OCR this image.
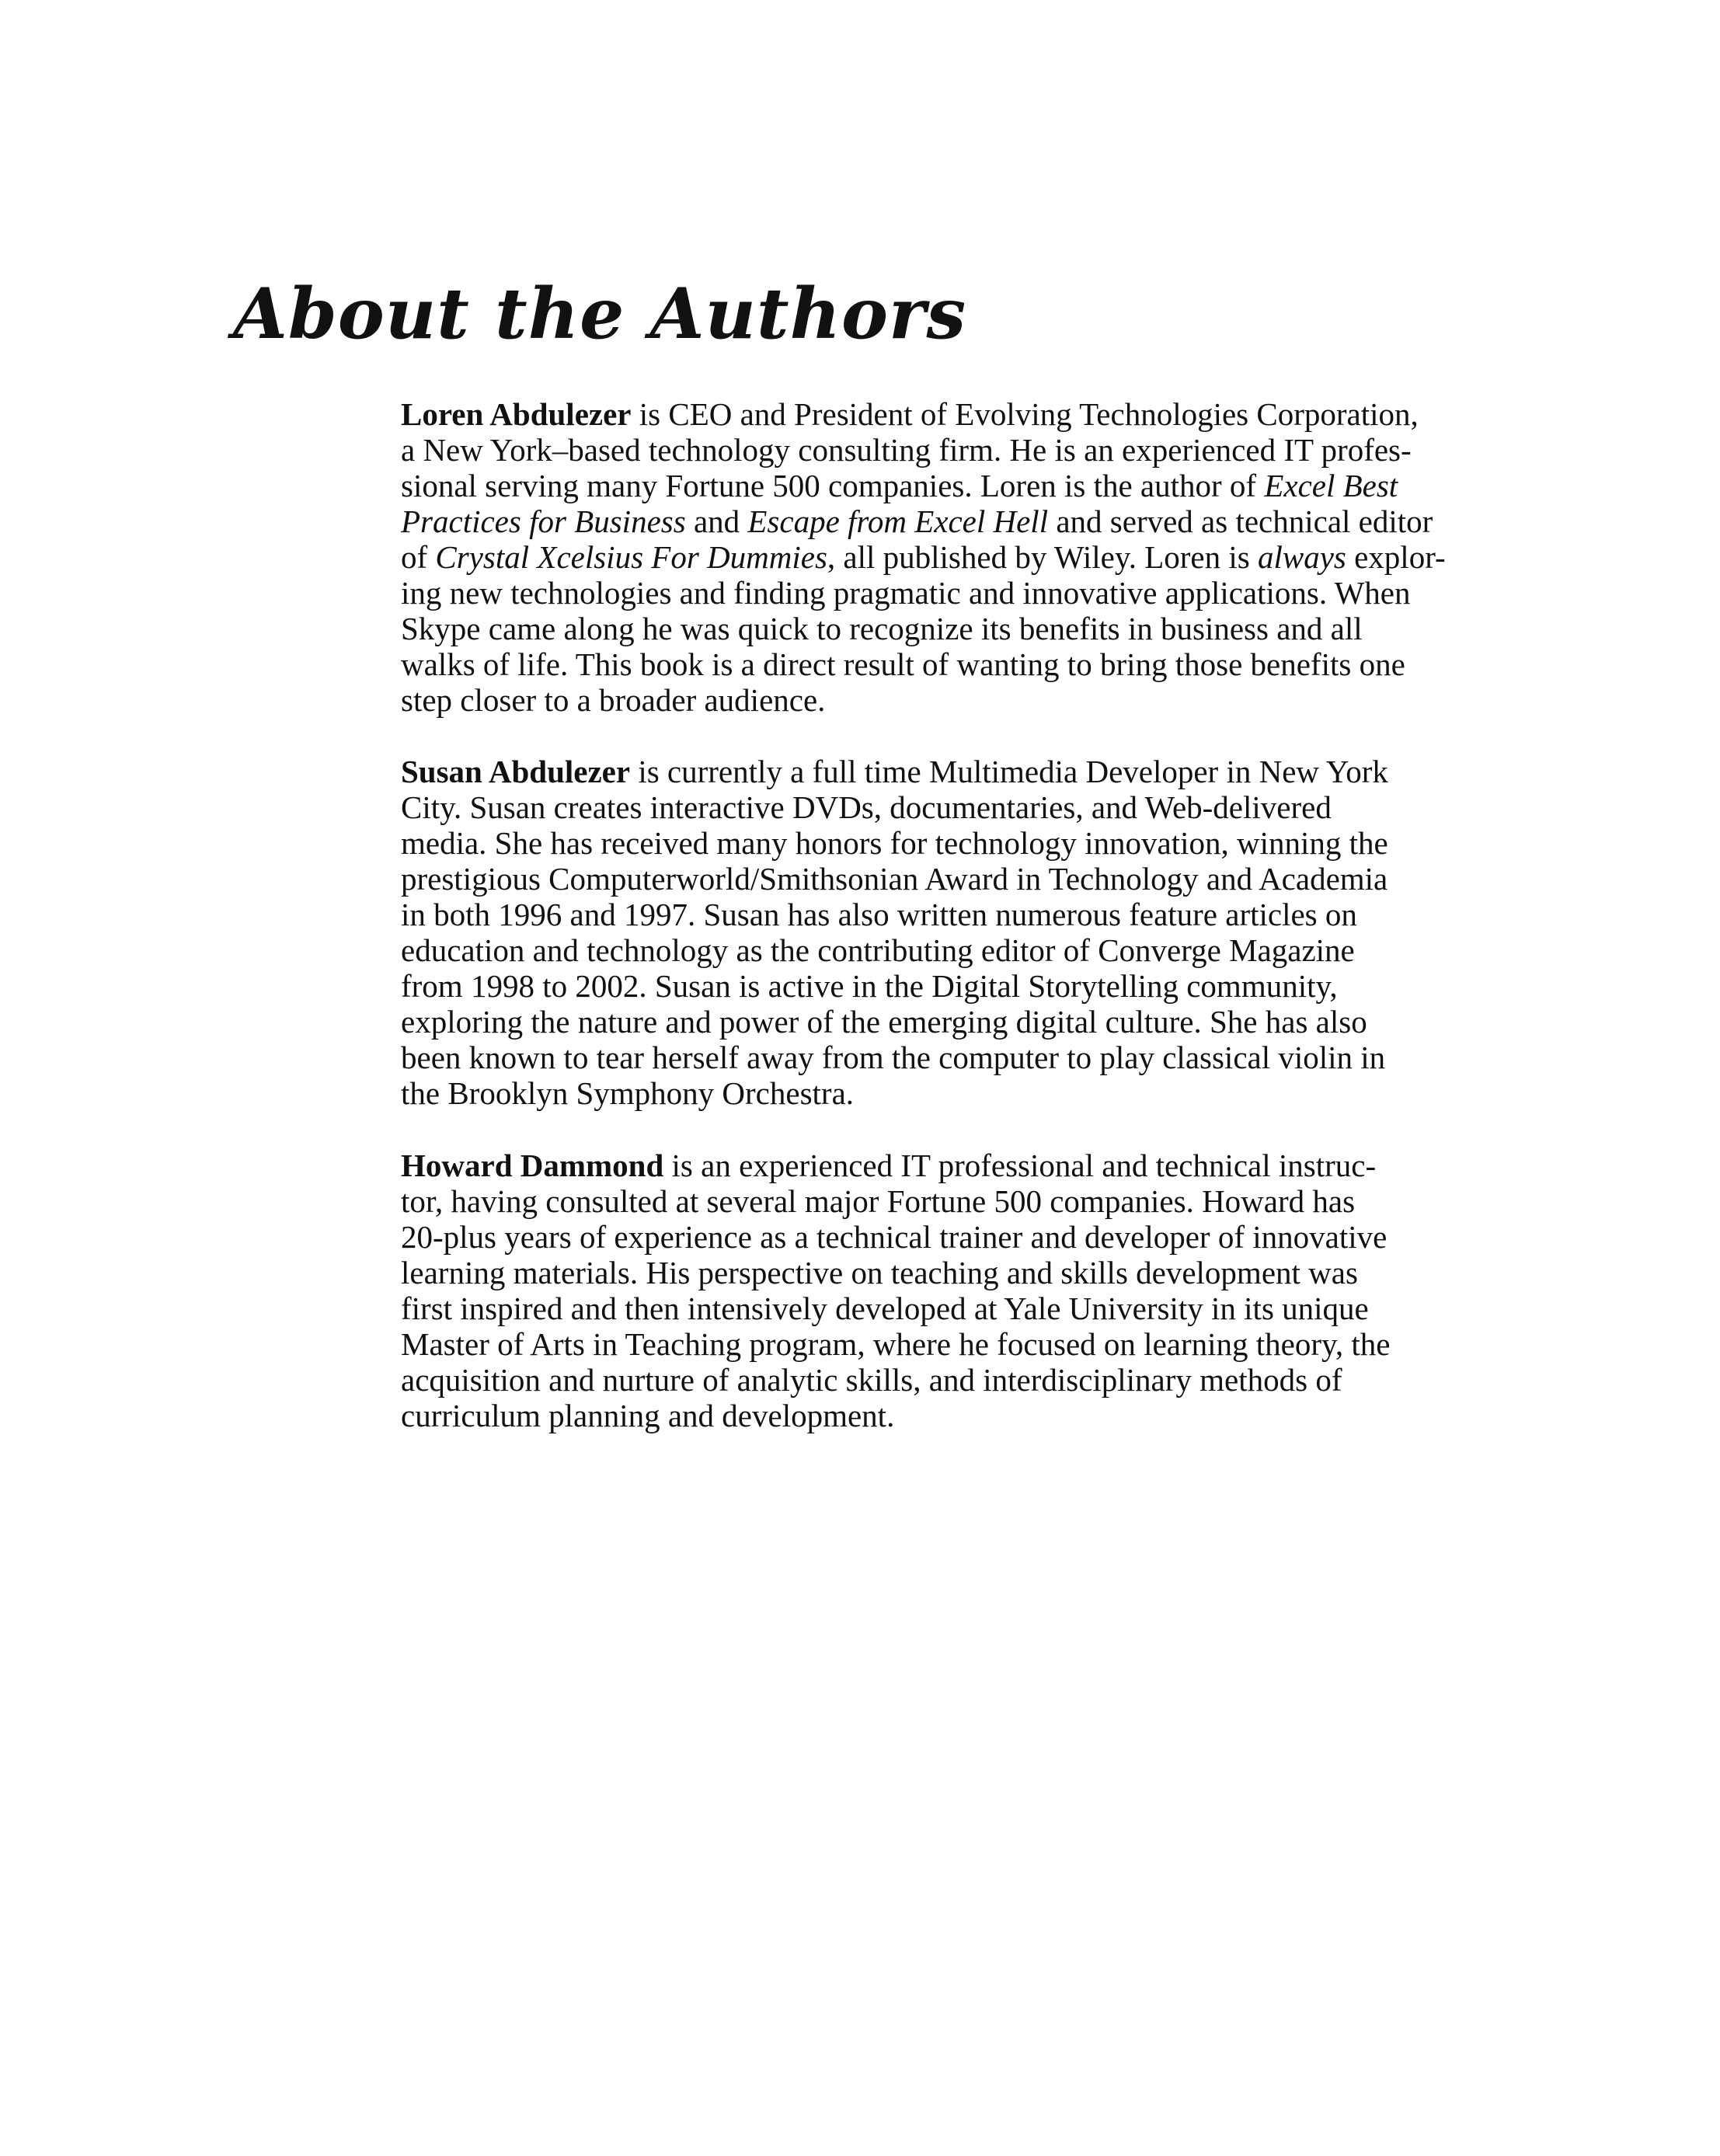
About the Authors

Loren Abdulezer is CEO and President of Evolving Technologies Corporation,
a New York–based technology consulting firm. He is an experienced IT profes-
sional serving many Fortune 500 companies. Loren is the author of Excel Best
Practices for Business and Escape from Excel Hell and served as technical editor
of Crystal Xcelsius For Dummies, all published by Wiley. Loren is always explor-
ing new technologies and finding pragmatic and innovative applications. When
Skype came along he was quick to recognize its benefits in business and all
walks of life. This book is a direct result of wanting to bring those benefits one
step closer to a broader audience.

Susan Abdulezer is currently a full time Multimedia Developer in New York
City. Susan creates interactive DVDs, documentaries, and Web-delivered
media. She has received many honors for technology innovation, winning the
prestigious Computerworld/Smithsonian Award in Technology and Academia
in both 1996 and 1997. Susan has also written numerous feature articles on
education and technology as the contributing editor of Converge Magazine
from 1998 to 2002. Susan is active in the Digital Storytelling community,
exploring the nature and power of the emerging digital culture. She has also
been known to tear herself away from the computer to play classical violin in
the Brooklyn Symphony Orchestra.

Howard Dammond is an experienced IT professional and technical instruc-
tor, having consulted at several major Fortune 500 companies. Howard has
20-plus years of experience as a technical trainer and developer of innovative
learning materials. His perspective on teaching and skills development was
first inspired and then intensively developed at Yale University in its unique
Master of Arts in Teaching program, where he focused on learning theory, the
acquisition and nurture of analytic skills, and interdisciplinary methods of
curriculum planning and development.
